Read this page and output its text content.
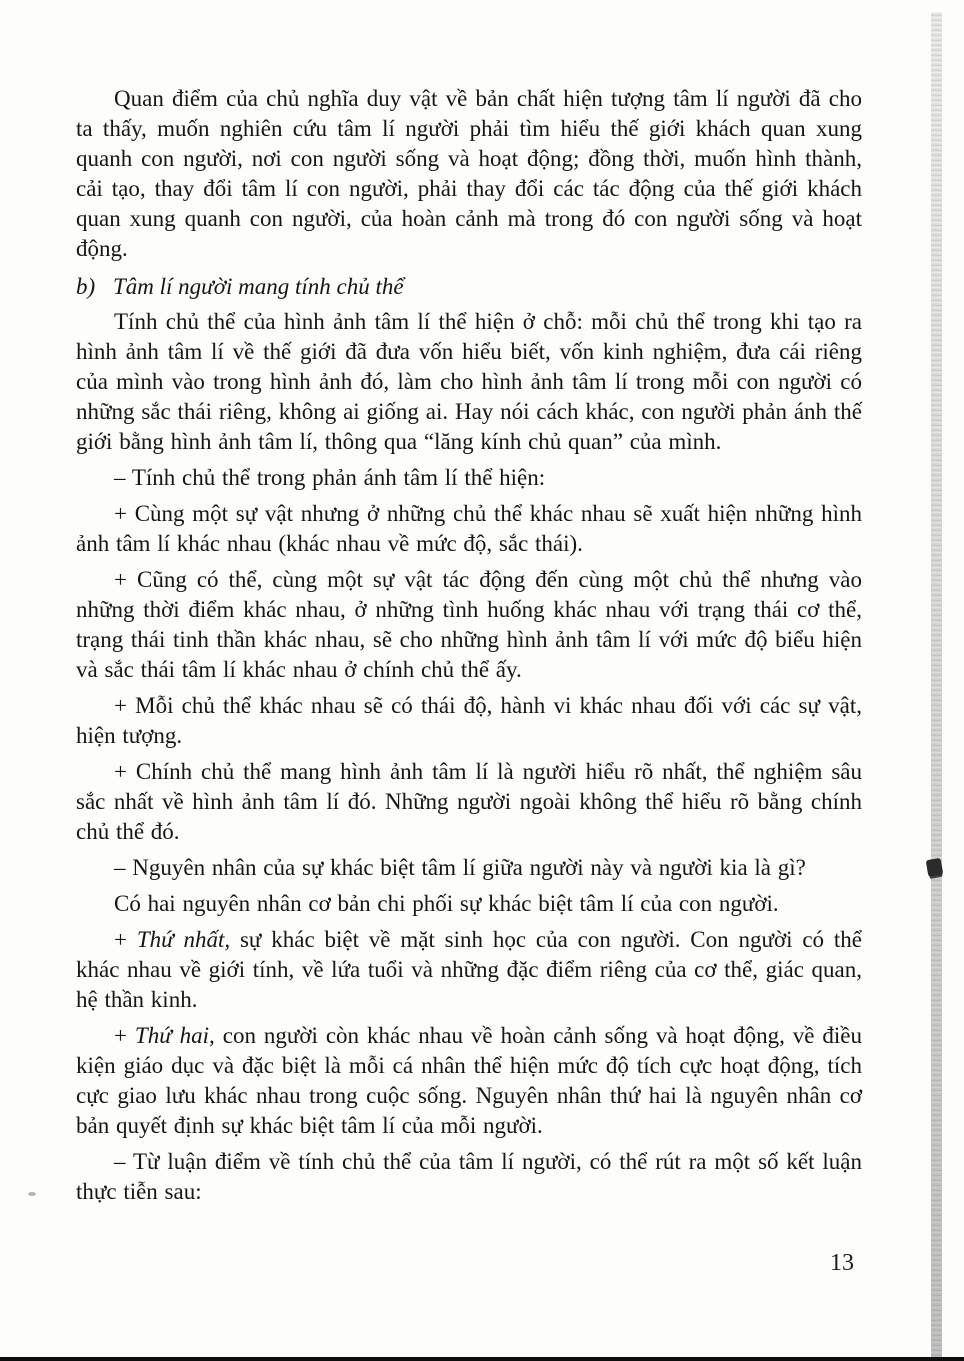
Quan điểm của chủ nghĩa duy vật về bản chất hiện tượng tâm lí người đã cho ta thấy, muốn nghiên cứu tâm lí người phải tìm hiểu thế giới khách quan xung quanh con người, nơi con người sống và hoạt động; đồng thời, muốn hình thành, cải tạo, thay đổi tâm lí con người, phải thay đổi các tác động của thế giới khách quan xung quanh con người, của hoàn cảnh mà trong đó con người sống và hoạt động.

b) Tâm lí người mang tính chủ thể

Tính chủ thể của hình ảnh tâm lí thể hiện ở chỗ: mỗi chủ thể trong khi tạo ra hình ảnh tâm lí về thế giới đã đưa vốn hiểu biết, vốn kinh nghiệm, đưa cái riêng của mình vào trong hình ảnh đó, làm cho hình ảnh tâm lí trong mỗi con người có những sắc thái riêng, không ai giống ai. Hay nói cách khác, con người phản ánh thế giới bằng hình ảnh tâm lí, thông qua “lăng kính chủ quan” của mình.

– Tính chủ thể trong phản ánh tâm lí thể hiện:

+ Cùng một sự vật nhưng ở những chủ thể khác nhau sẽ xuất hiện những hình ảnh tâm lí khác nhau (khác nhau về mức độ, sắc thái).

+ Cũng có thể, cùng một sự vật tác động đến cùng một chủ thể nhưng vào những thời điểm khác nhau, ở những tình huống khác nhau với trạng thái cơ thể, trạng thái tinh thần khác nhau, sẽ cho những hình ảnh tâm lí với mức độ biểu hiện và sắc thái tâm lí khác nhau ở chính chủ thể ấy.

+ Mỗi chủ thể khác nhau sẽ có thái độ, hành vi khác nhau đối với các sự vật, hiện tượng.

+ Chính chủ thể mang hình ảnh tâm lí là người hiểu rõ nhất, thể nghiệm sâu sắc nhất về hình ảnh tâm lí đó. Những người ngoài không thể hiểu rõ bằng chính chủ thể đó.

– Nguyên nhân của sự khác biệt tâm lí giữa người này và người kia là gì?

Có hai nguyên nhân cơ bản chi phối sự khác biệt tâm lí của con người.

+ Thứ nhất, sự khác biệt về mặt sinh học của con người. Con người có thể khác nhau về giới tính, về lứa tuổi và những đặc điểm riêng của cơ thể, giác quan, hệ thần kinh.

+ Thứ hai, con người còn khác nhau về hoàn cảnh sống và hoạt động, về điều kiện giáo dục và đặc biệt là mỗi cá nhân thể hiện mức độ tích cực hoạt động, tích cực giao lưu khác nhau trong cuộc sống. Nguyên nhân thứ hai là nguyên nhân cơ bản quyết định sự khác biệt tâm lí của mỗi người.

– Từ luận điểm về tính chủ thể của tâm lí người, có thể rút ra một số kết luận thực tiễn sau:

13
